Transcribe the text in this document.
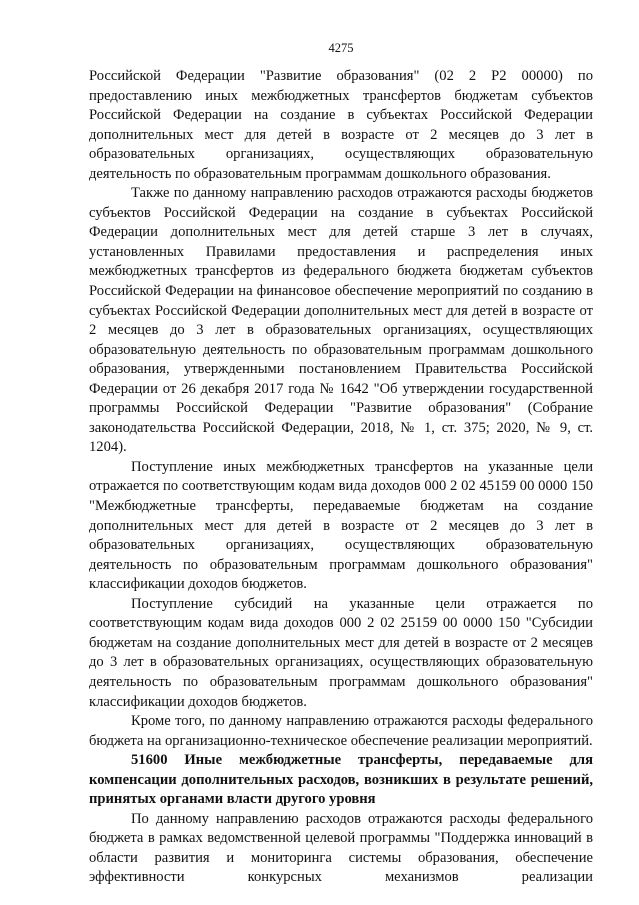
4275

Российской Федерации "Развитие образования" (02 2 Р2 00000) по предоставлению иных межбюджетных трансфертов бюджетам субъектов Российской Федерации на создание в субъектах Российской Федерации дополнительных мест для детей в возрасте от 2 месяцев до 3 лет в образовательных организациях, осуществляющих образовательную деятельность по образовательным программам дошкольного образования.

Также по данному направлению расходов отражаются расходы бюджетов субъектов Российской Федерации на создание в субъектах Российской Федерации дополнительных мест для детей старше 3 лет в случаях, установленных Правилами предоставления и распределения иных межбюджетных трансфертов из федерального бюджета бюджетам субъектов Российской Федерации на финансовое обеспечение мероприятий по созданию в субъектах Российской Федерации дополнительных мест для детей в возрасте от 2 месяцев до 3 лет в образовательных организациях, осуществляющих образовательную деятельность по образовательным программам дошкольного образования, утвержденными постановлением Правительства Российской Федерации от 26 декабря 2017 года № 1642 "Об утверждении государственной программы Российской Федерации "Развитие образования" (Собрание законодательства Российской Федерации, 2018, № 1, ст. 375; 2020, № 9, ст. 1204).

Поступление иных межбюджетных трансфертов на указанные цели отражается по соответствующим кодам вида доходов 000 2 02 45159 00 0000 150 "Межбюджетные трансферты, передаваемые бюджетам на создание дополнительных мест для детей в возрасте от 2 месяцев до 3 лет в образовательных организациях, осуществляющих образовательную деятельность по образовательным программам дошкольного образования" классификации доходов бюджетов.

Поступление субсидий на указанные цели отражается по соответствующим кодам вида доходов 000 2 02 25159 00 0000 150 "Субсидии бюджетам на создание дополнительных мест для детей в возрасте от 2 месяцев до 3 лет в образовательных организациях, осуществляющих образовательную деятельность по образовательным программам дошкольного образования" классификации доходов бюджетов.

Кроме того, по данному направлению отражаются расходы федерального бюджета на организационно-техническое обеспечение реализации мероприятий.

51600 Иные межбюджетные трансферты, передаваемые для компенсации дополнительных расходов, возникших в результате решений, принятых органами власти другого уровня

По данному направлению расходов отражаются расходы федерального бюджета в рамках ведомственной целевой программы "Поддержка инноваций в области развития и мониторинга системы образования, обеспечение эффективности конкурсных механизмов реализации
